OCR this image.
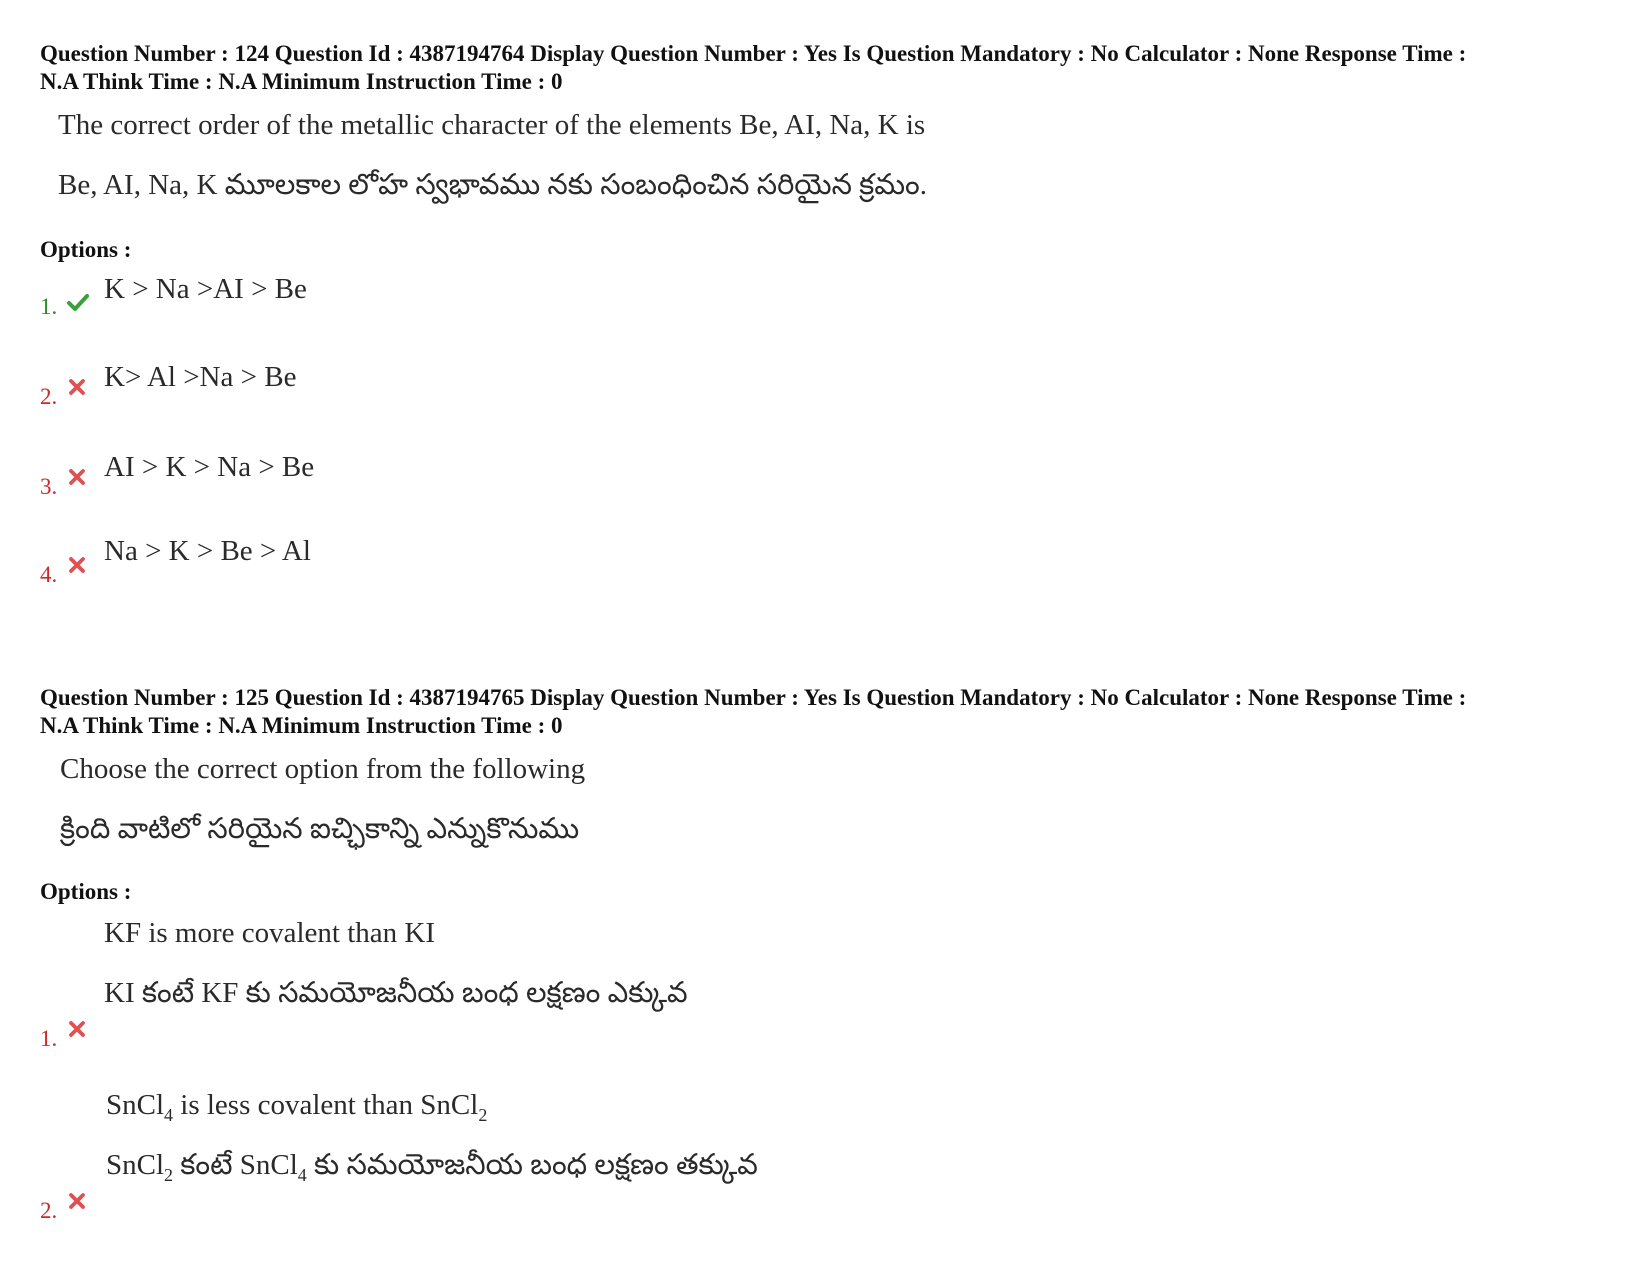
Question Number : 124 Question Id : 4387194764 Display Question Number : Yes Is Question Mandatory : No Calculator : None Response Time :
N.A Think Time : N.A Minimum Instruction Time : 0
The correct order of the metallic character of the elements Be, AI, Na, K is
Be, AI, Na, K మూలకాల లోహ స్వభావము నకు సంబంధించిన సరియైన క్రమం.
Options :
1.
K > Na >AI > Be
2.
K> Al >Na > Be
3.
AI > K > Na > Be
4.
Na > K > Be > Al
Question Number : 125 Question Id : 4387194765 Display Question Number : Yes Is Question Mandatory : No Calculator : None Response Time :
N.A Think Time : N.A Minimum Instruction Time : 0
Choose the correct option from the following
క్రింది వాటిలో సరియైన ఐచ్ఛికాన్ని ఎన్నుకొనుము
Options :
KF is more covalent than KI
KI కంటే KF కు సమయోజనీయ బంధ లక్షణం ఎక్కువ
1.
SnCl$_4$ is less covalent than SnCl$_2$
SnCl$_2$ కంటే SnCl$_4$ కు సమయోజనీయ బంధ లక్షణం తక్కువ
2.
